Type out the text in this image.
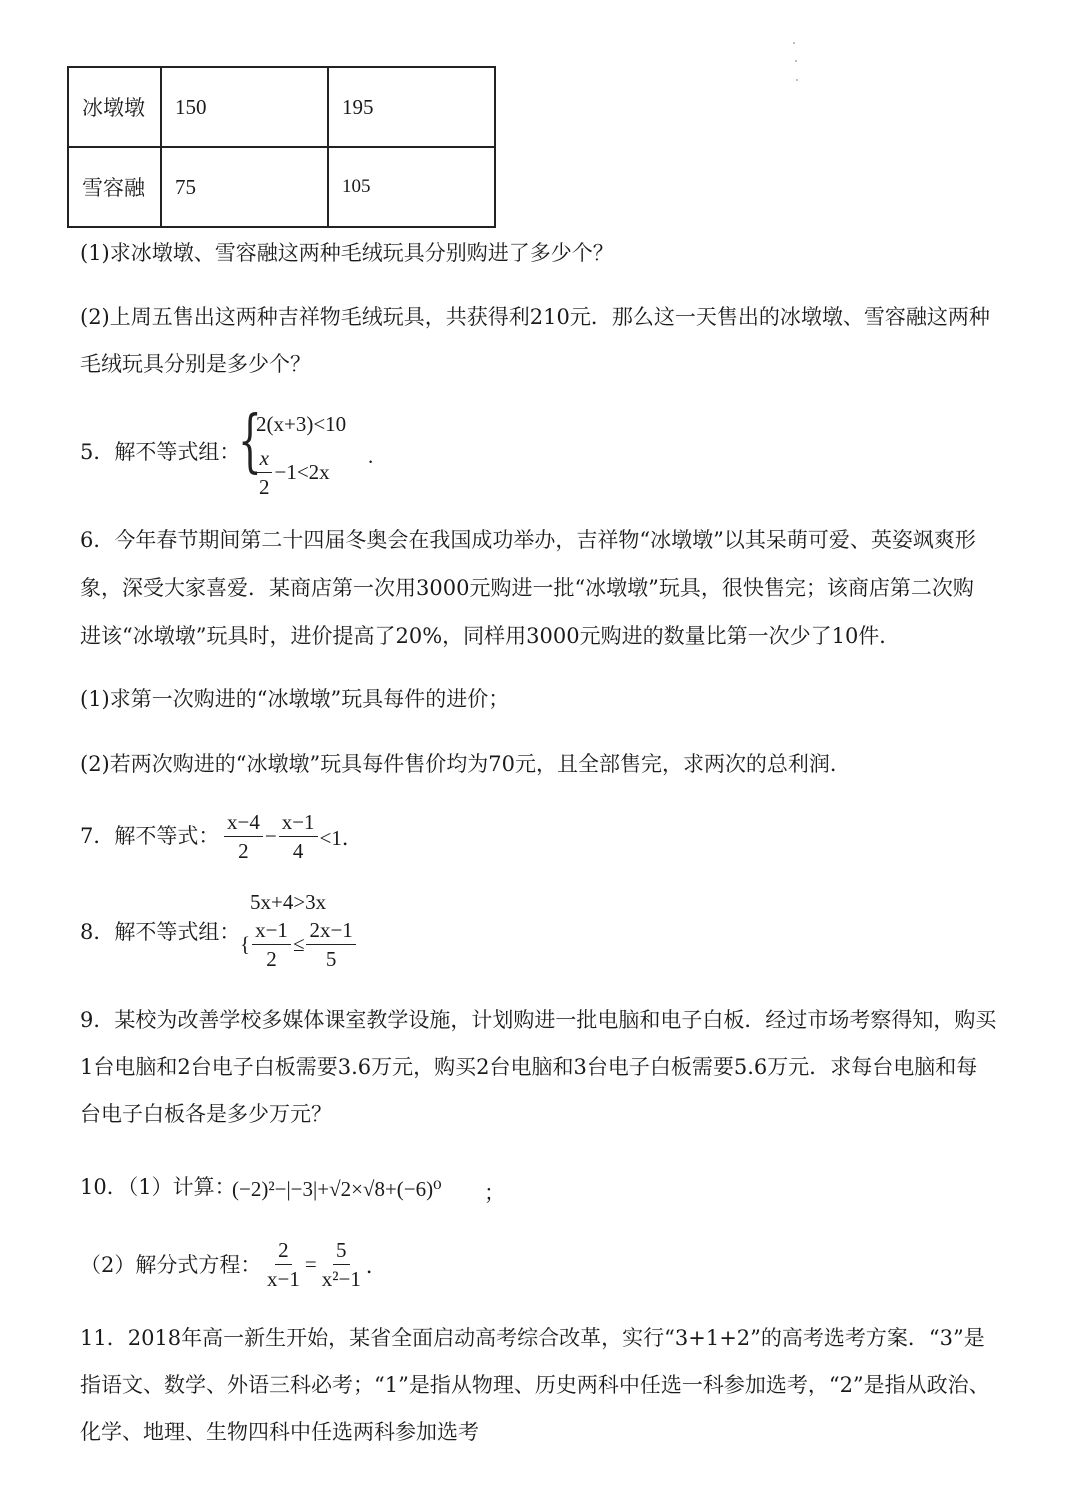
冰墩墩	150	195
雪容融	75	105
(1)求冰墩墩、雪容融这两种毛绒玩具分别购进了多少个？
(2)上周五售出这两种吉祥物毛绒玩具，共获得利210元．那么这一天售出的冰墩墩、雪容融这两种
毛绒玩具分别是多少个？
5．解不等式组：
{
2(x+3)<10
$\frac{x}{2} -1<2x$
.
6．今年春节期间第二十四届冬奥会在我国成功举办，吉祥物“冰墩墩”以其呆萌可爱、英姿飒爽形
象，深受大家喜爱．某商店第一次用3000元购进一批“冰墩墩”玩具，很快售完；该商店第二次购
进该“冰墩墩”玩具时，进价提高了20%，同样用3000元购进的数量比第一次少了10件．
(1)求第一次购进的“冰墩墩”玩具每件的进价；
(2)若两次购进的“冰墩墩”玩具每件售价均为70元，且全部售完，求两次的总利润．
7．解不等式： $\frac{x-4}{2} - \frac{x-1}{4} <1$．
5x+4>3x
8．解不等式组：
{ $\frac{x-1}{2} \le \frac{2x-1}{5}$
9．某校为改善学校多媒体课室教学设施，计划购进一批电脑和电子白板．经过市场考察得知，购买
1台电脑和2台电子白板需要3.6万元，购买2台电脑和3台电子白板需要5.6万元．求每台电脑和每
台电子白板各是多少万元？
10．（1）计算：
(−2)²−|−3|+√2×√8+(−6)⁰ ；
（2）解分式方程： $\frac{2}{x-1} = \frac{5}{\text{x²−1}}$ ．
11．2018年高一新生开始，某省全面启动高考综合改革，实行“3+1+2”的高考选考方案．“3”是
指语文、数学、外语三科必考；“1”是指从物理、历史两科中任选一科参加选考，“2”是指从政治、
化学、地理、生物四科中任选两科参加选考
